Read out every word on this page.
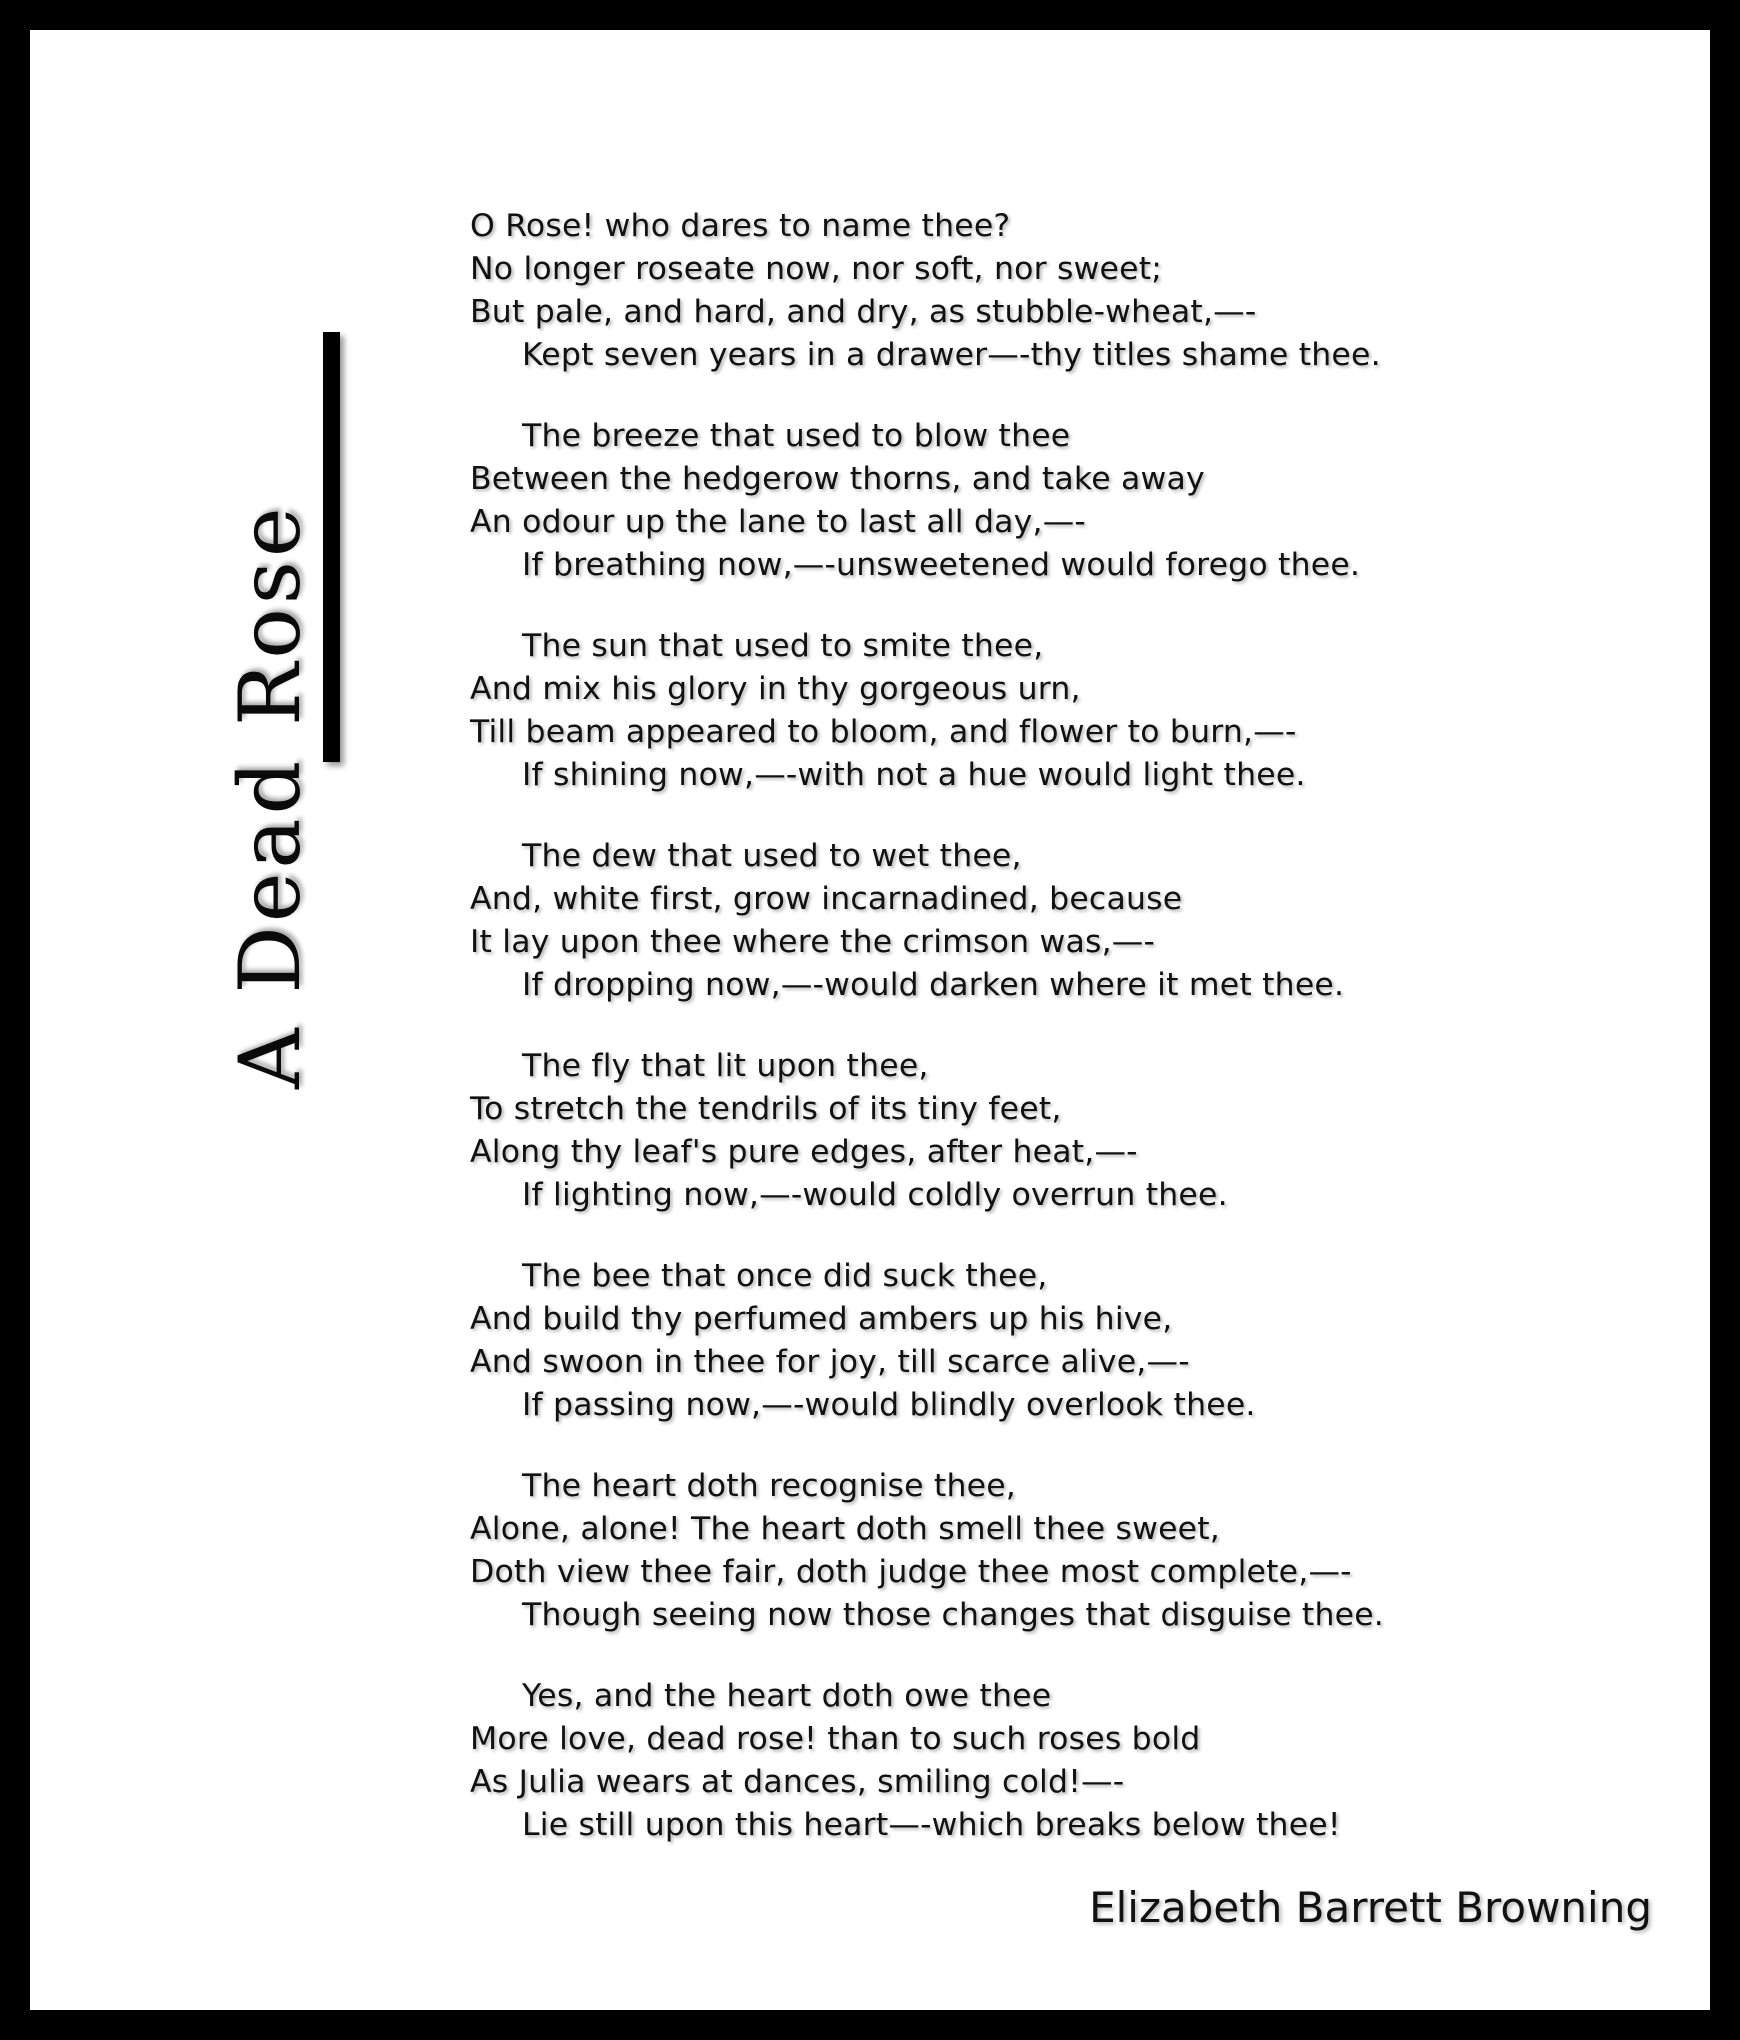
A Dead Rose
O Rose! who dares to name thee?
No longer roseate now, nor soft, nor sweet;
But pale, and hard, and dry, as stubble-wheat,—-
Kept seven years in a drawer—-thy titles shame thee.
The breeze that used to blow thee
Between the hedgerow thorns, and take away
An odour up the lane to last all day,—-
If breathing now,—-unsweetened would forego thee.
The sun that used to smite thee,
And mix his glory in thy gorgeous urn,
Till beam appeared to bloom, and flower to burn,—-
If shining now,—-with not a hue would light thee.
The dew that used to wet thee,
And, white first, grow incarnadined, because
It lay upon thee where the crimson was,—-
If dropping now,—-would darken where it met thee.
The fly that lit upon thee,
To stretch the tendrils of its tiny feet,
Along thy leaf's pure edges, after heat,—-
If lighting now,—-would coldly overrun thee.
The bee that once did suck thee,
And build thy perfumed ambers up his hive,
And swoon in thee for joy, till scarce alive,—-
If passing now,—-would blindly overlook thee.
The heart doth recognise thee,
Alone, alone! The heart doth smell thee sweet,
Doth view thee fair, doth judge thee most complete,—-
Though seeing now those changes that disguise thee.
Yes, and the heart doth owe thee
More love, dead rose! than to such roses bold
As Julia wears at dances, smiling cold!—-
Lie still upon this heart—-which breaks below thee!
Elizabeth Barrett Browning
